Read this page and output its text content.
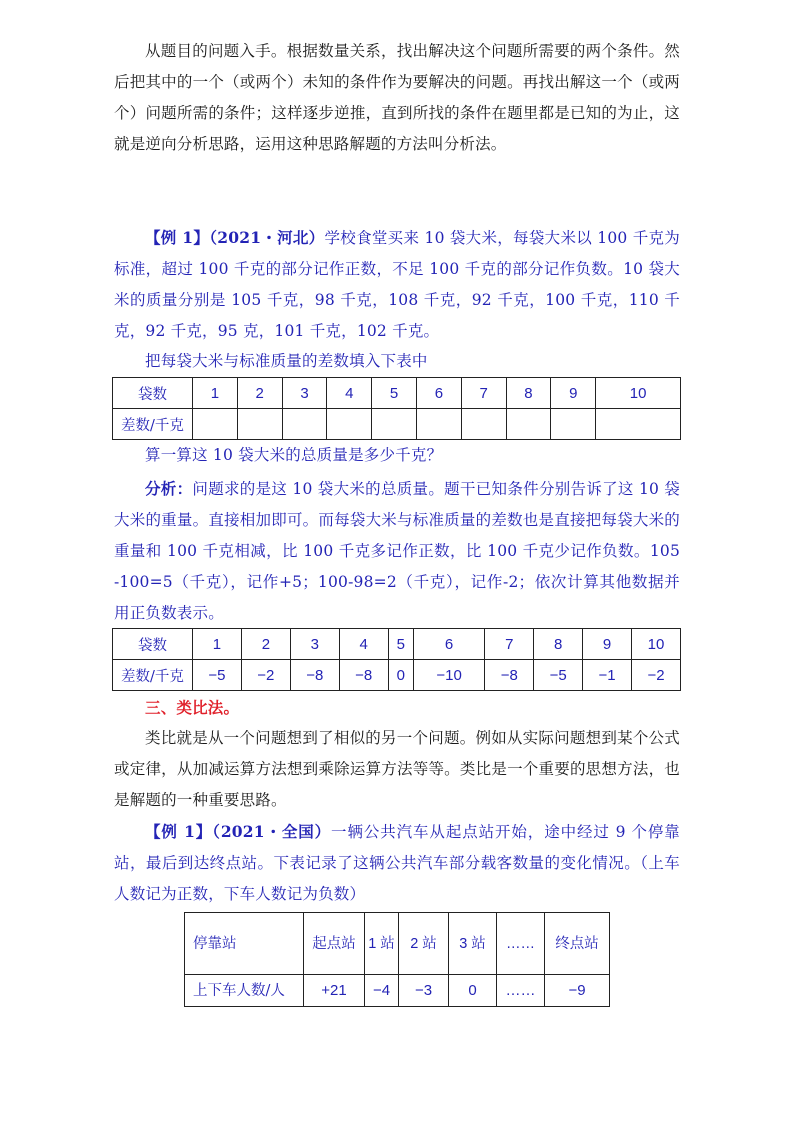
从题目的问题入手。根据数量关系，找出解决这个问题所需要的两个条件。然后把其中的一个（或两个）未知的条件作为要解决的问题。再找出解这一个（或两个）问题所需的条件；这样逐步逆推，直到所找的条件在题里都是已知的为止，这就是逆向分析思路，运用这种思路解题的方法叫分析法。
【例 1】（2021・河北）学校食堂买来 10 袋大米，每袋大米以 100 千克为标准，超过 100 千克的部分记作正数，不足 100 千克的部分记作负数。10 袋大米的质量分别是 105 千克，98 千克，108 千克，92 千克，100 千克，110 千克，92 千克，95 克，101 千克，102 千克。
把每袋大米与标准质量的差数填入下表中
袋数	1	2	3	4	5	6	7	8	9	10
差数/千克										
算一算这 10 袋大米的总质量是多少千克？
分析：问题求的是这 10 袋大米的总质量。题干已知条件分别告诉了这 10 袋大米的重量。直接相加即可。而每袋大米与标准质量的差数也是直接把每袋大米的重量和 100 千克相减，比 100 千克多记作正数，比 100 千克少记作负数。105 -100=5（千克），记作+5；100-98=2（千克），记作-2；依次计算其他数据并用正负数表示。
袋数	1	2	3	4	5	6	7	8	9	10
差数/千克	−5	−2	−8	−8	0	−10	−8	−5	−1	−2
三、类比法。
类比就是从一个问题想到了相似的另一个问题。例如从实际问题想到某个公式或定律，从加减运算方法想到乘除运算方法等等。类比是一个重要的思想方法，也是解题的一种重要思路。
【例 1】（2021・全国）一辆公共汽车从起点站开始，途中经过 9 个停靠站，最后到达终点站。下表记录了这辆公共汽车部分载客数量的变化情况。（上车人数记为正数，下车人数记为负数）
停靠站	起点站	1 站	2 站	3 站	……	终点站
上下车人数/人	+21	−4	−3	0	……	−9
